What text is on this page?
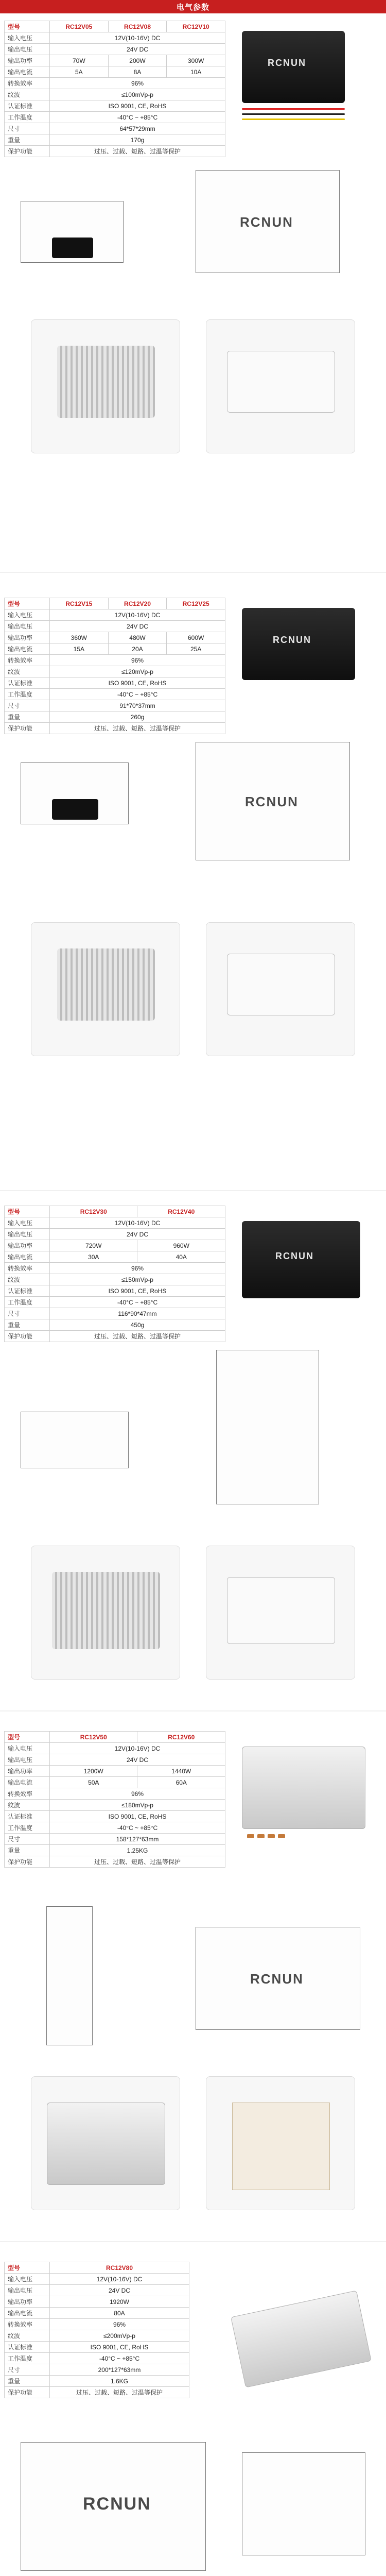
电气参数
型号	RC12V05	RC12V08	RC12V10
输入电压	12V(10-16V) DC		
输出电压	24V DC		
输出功率	70W	200W	300W
输出电流	5A	8A	10A
转换效率	96%		
纹波	≤100mVp-p		
认证标准	ISO 9001, CE, RoHS		
工作温度	-40°C ~ +85°C		
尺寸	64*57*29mm		
重量	170g		
保护功能	过压、过载、短路、过温等保护		
RCNUN
RCNUN
型号	RC12V15	RC12V20	RC12V25
输入电压	12V(10-16V) DC		
输出电压	24V DC		
输出功率	360W	480W	600W
输出电流	15A	20A	25A
转换效率	96%		
纹波	≤120mVp-p		
认证标准	ISO 9001, CE, RoHS		
工作温度	-40°C ~ +85°C		
尺寸	91*70*37mm		
重量	260g		
保护功能	过压、过载、短路、过温等保护		
RCNUN
RCNUN
型号	RC12V30	RC12V40
输入电压	12V(10-16V) DC	
输出电压	24V DC	
输出功率	720W	960W
输出电流	30A	40A
转换效率	96%	
纹波	≤150mVp-p	
认证标准	ISO 9001, CE, RoHS	
工作温度	-40°C ~ +85°C	
尺寸	116*90*47mm	
重量	450g	
保护功能	过压、过载、短路、过温等保护	
RCNUN
型号	RC12V50	RC12V60
输入电压	12V(10-16V) DC	
输出电压	24V DC	
输出功率	1200W	1440W
输出电流	50A	60A
转换效率	96%	
纹波	≤180mVp-p	
认证标准	ISO 9001, CE, RoHS	
工作温度	-40°C ~ +85°C	
尺寸	158*127*63mm	
重量	1.25KG	
保护功能	过压、过载、短路、过温等保护	
RCNUN
型号	RC12V80
输入电压	12V(10-16V) DC
输出电压	24V DC
输出功率	1920W
输出电流	80A
转换效率	96%
纹波	≤200mVp-p
认证标准	ISO 9001, CE, RoHS
工作温度	-40°C ~ +85°C
尺寸	200*127*63mm
重量	1.6KG
保护功能	过压、过载、短路、过温等保护
RCNUN
